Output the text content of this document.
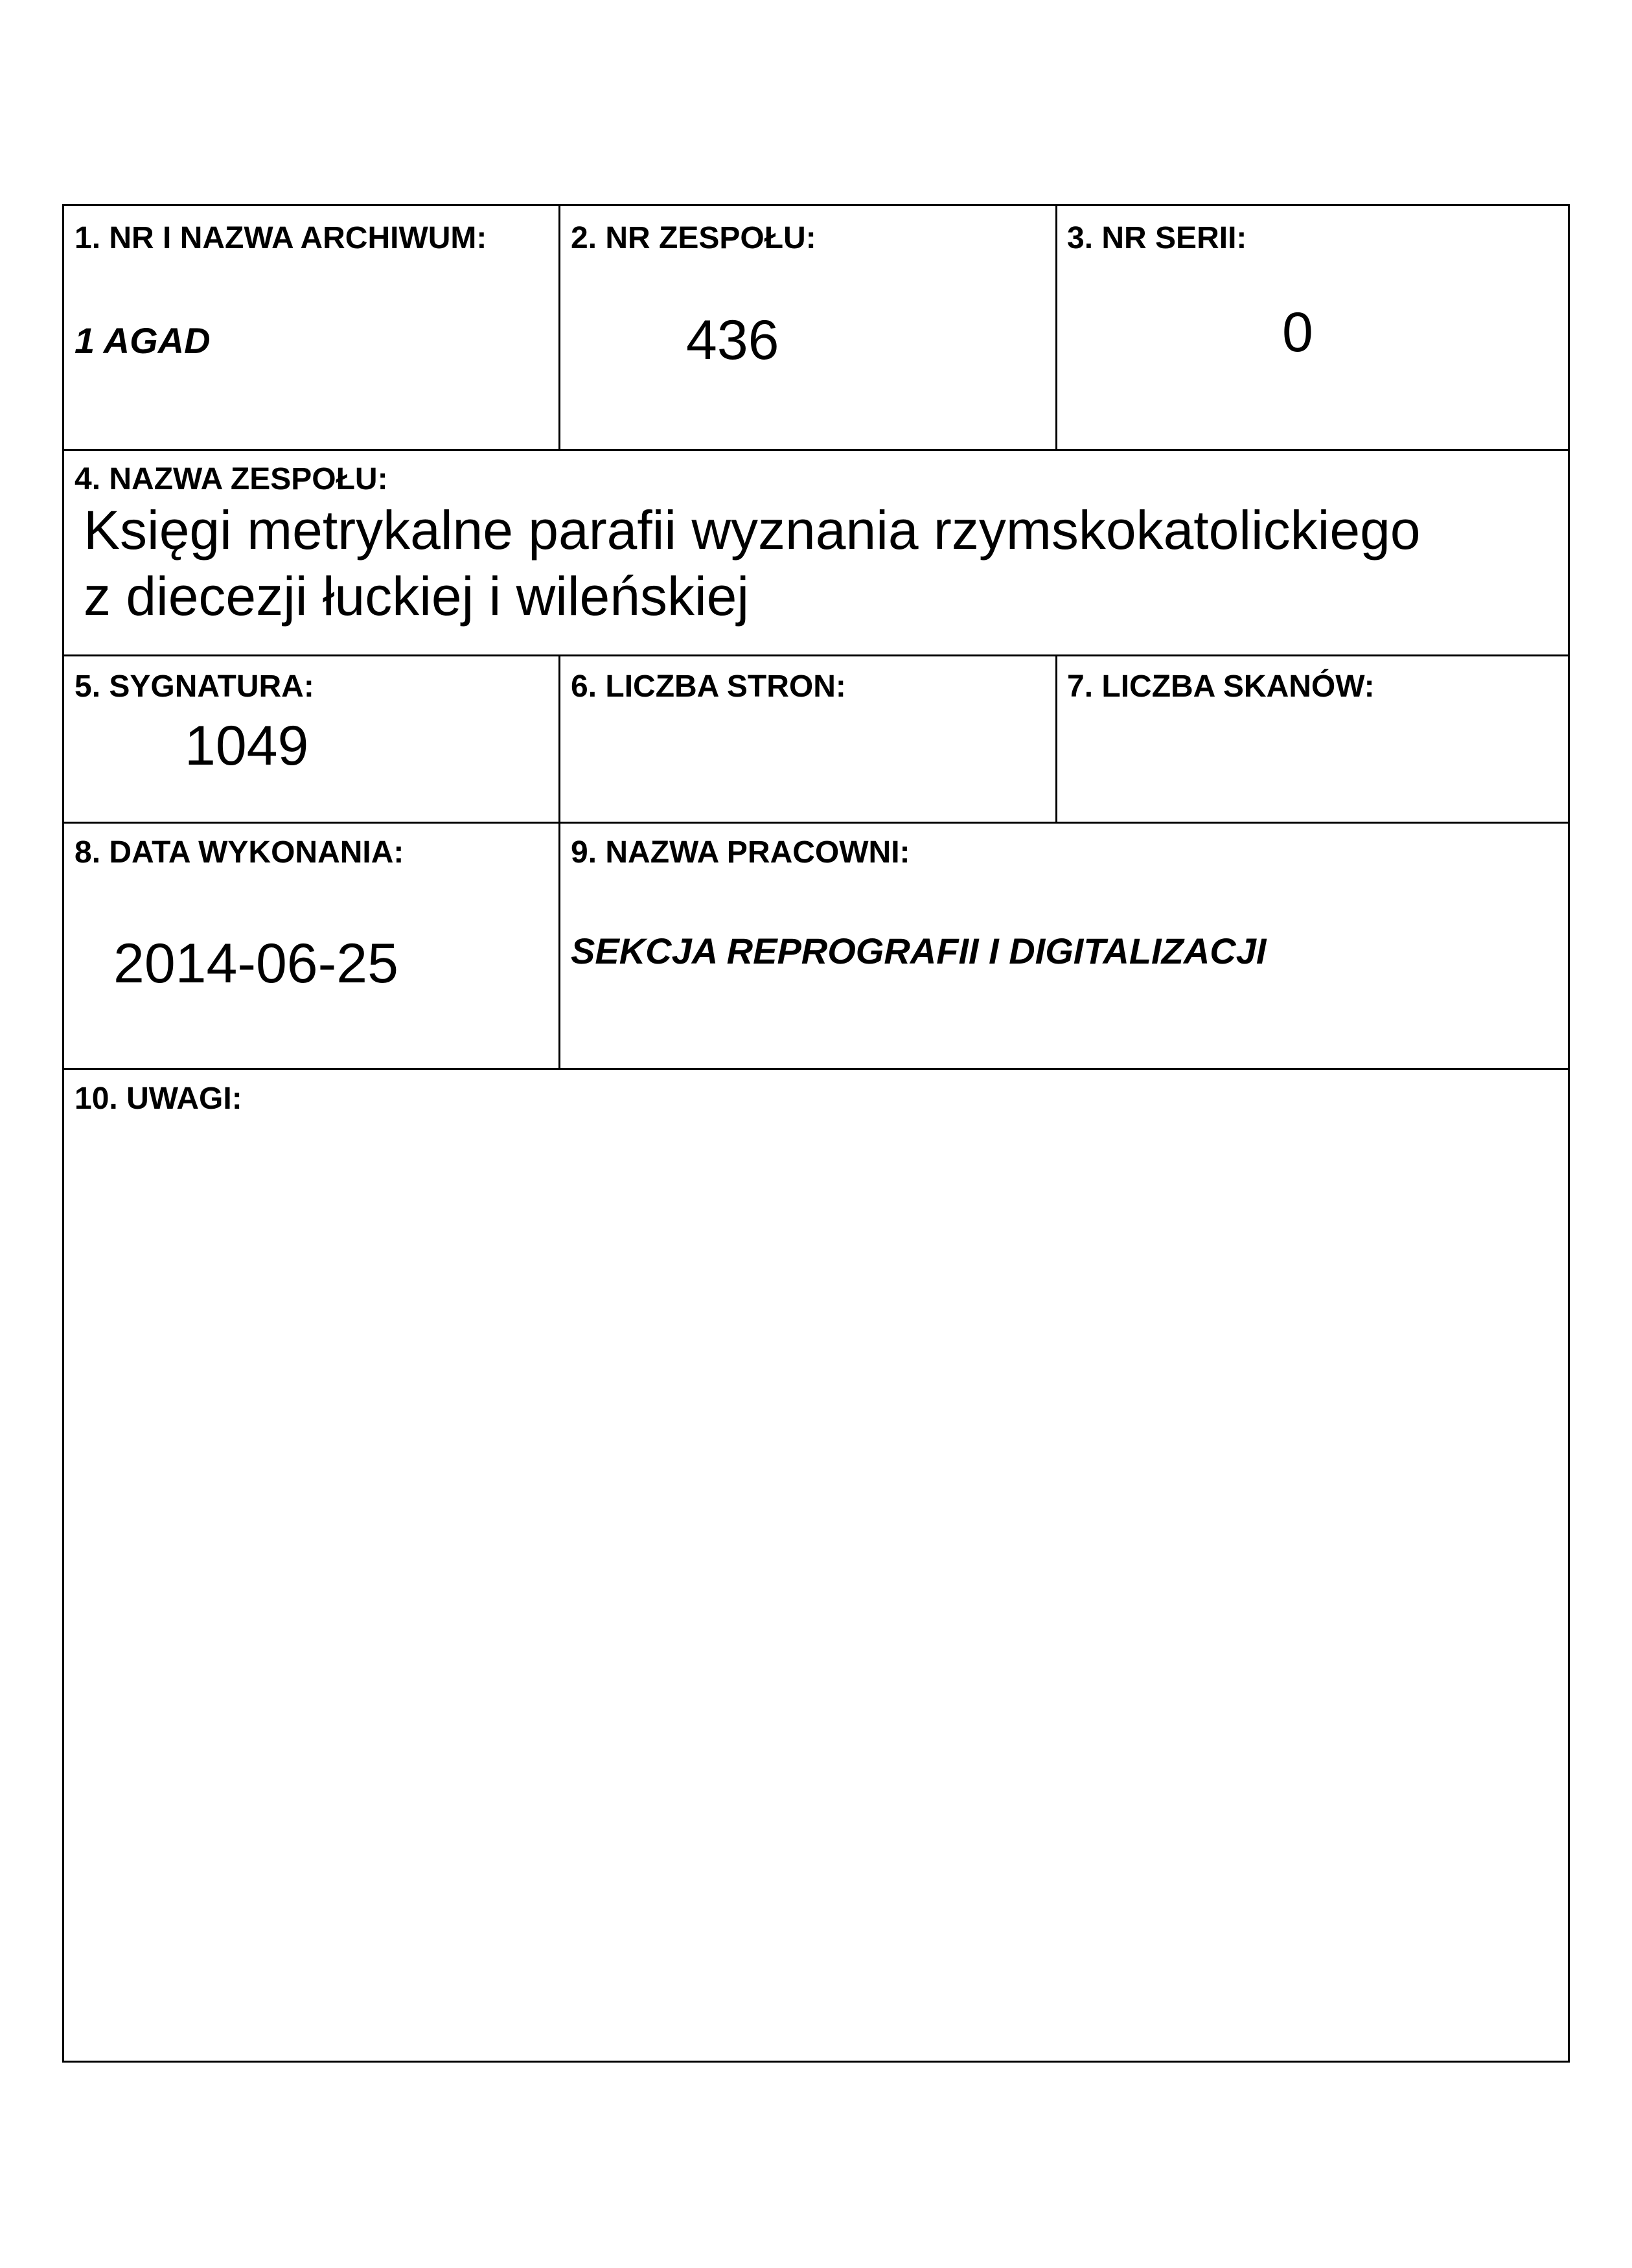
1. NR I NAZWA ARCHIWUM:
1 AGAD
2. NR ZESPOŁU:
436
3. NR SERII:
0
4. NAZWA ZESPOŁU:
Księgi metrykalne parafii wyznania rzymskokatolickiego
z diecezji łuckiej i wileńskiej
5. SYGNATURA:
1049
6. LICZBA STRON:	7. LICZBA SKANÓW:
8. DATA WYKONANIA:
2014-06-25
9. NAZWA PRACOWNI:
SEKCJA REPROGRAFII I DIGITALIZACJI
10. UWAGI:
